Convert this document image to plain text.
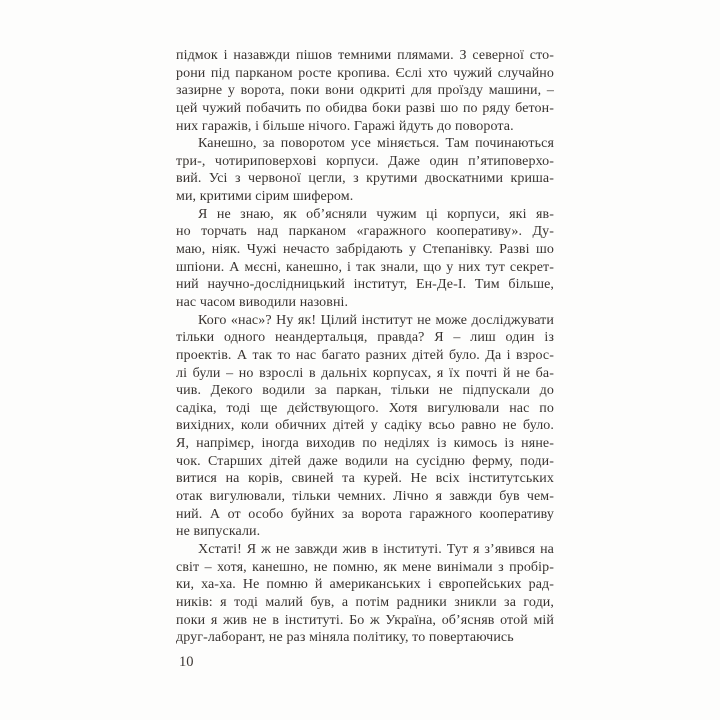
підмок і назавжди пішов темними плямами. З северної сто-
рони під парканом росте кропива. Єслі хто чужий случайно
зазирне у ворота, поки вони одкриті для проїзду машини, –
цей чужий побачить по обидва боки разві шо по ряду бетон-
них гаражів, і більше нічого. Гаражі йдуть до поворота.
Канешно, за поворотом усе міняється. Там починаються
три-, чотириповерхові корпуси. Даже один п’ятиповерхо-
вий. Усі з червоної цегли, з крутими двоскатними криша-
ми, критими сірим шифером.
Я не знаю, як об’ясняли чужим ці корпуси, які яв-
но торчать над парканом «гаражного кооперативу». Ду-
маю, ніяк. Чужі нечасто забрідають у Степанівку. Разві шо
шпіони. А мєсні, канешно, і так знали, що у них тут секрет-
ний научно-дослідницький інститут, Ен-Де-І. Тим більше,
нас часом виводили назовні.
Кого «нас»? Ну як! Цілий інститут не може досліджувати
тільки одного неандертальця, правда? Я – лиш один із
проектів. А так то нас багато разних дітей було. Да і взрос-
лі були – но взрослі в дальніх корпусах, я їх почті й не ба-
чив. Декого водили за паркан, тільки не підпускали до
садіка, тоді ще дєйствующого. Хотя вигулювали нас по
вихідних, коли обичних дітей у садіку всьо равно не було.
Я, напрімєр, іногда виходив по неділях із кимось із няне-
чок. Старших дітей даже водили на сусідню ферму, поди-
витися на корів, свиней та курей. Не всіх інститутських
отак вигулювали, тільки чемних. Лічно я завжди був чем-
ний. А от особо буйних за ворота гаражного кооперативу
не випускали.
Хстаті! Я ж не завжди жив в інституті. Тут я з’явився на
світ – хотя, канешно, не помню, як мене винімали з пробір-
ки, ха-ха. Не помню й американських і європейських рад-
ників: я тоді малий був, а потім радники зникли за годи,
поки я жив не в інституті. Бо ж Україна, об’ясняв отой мій
друг-лаборант, не раз міняла політику, то повертаючись
10
